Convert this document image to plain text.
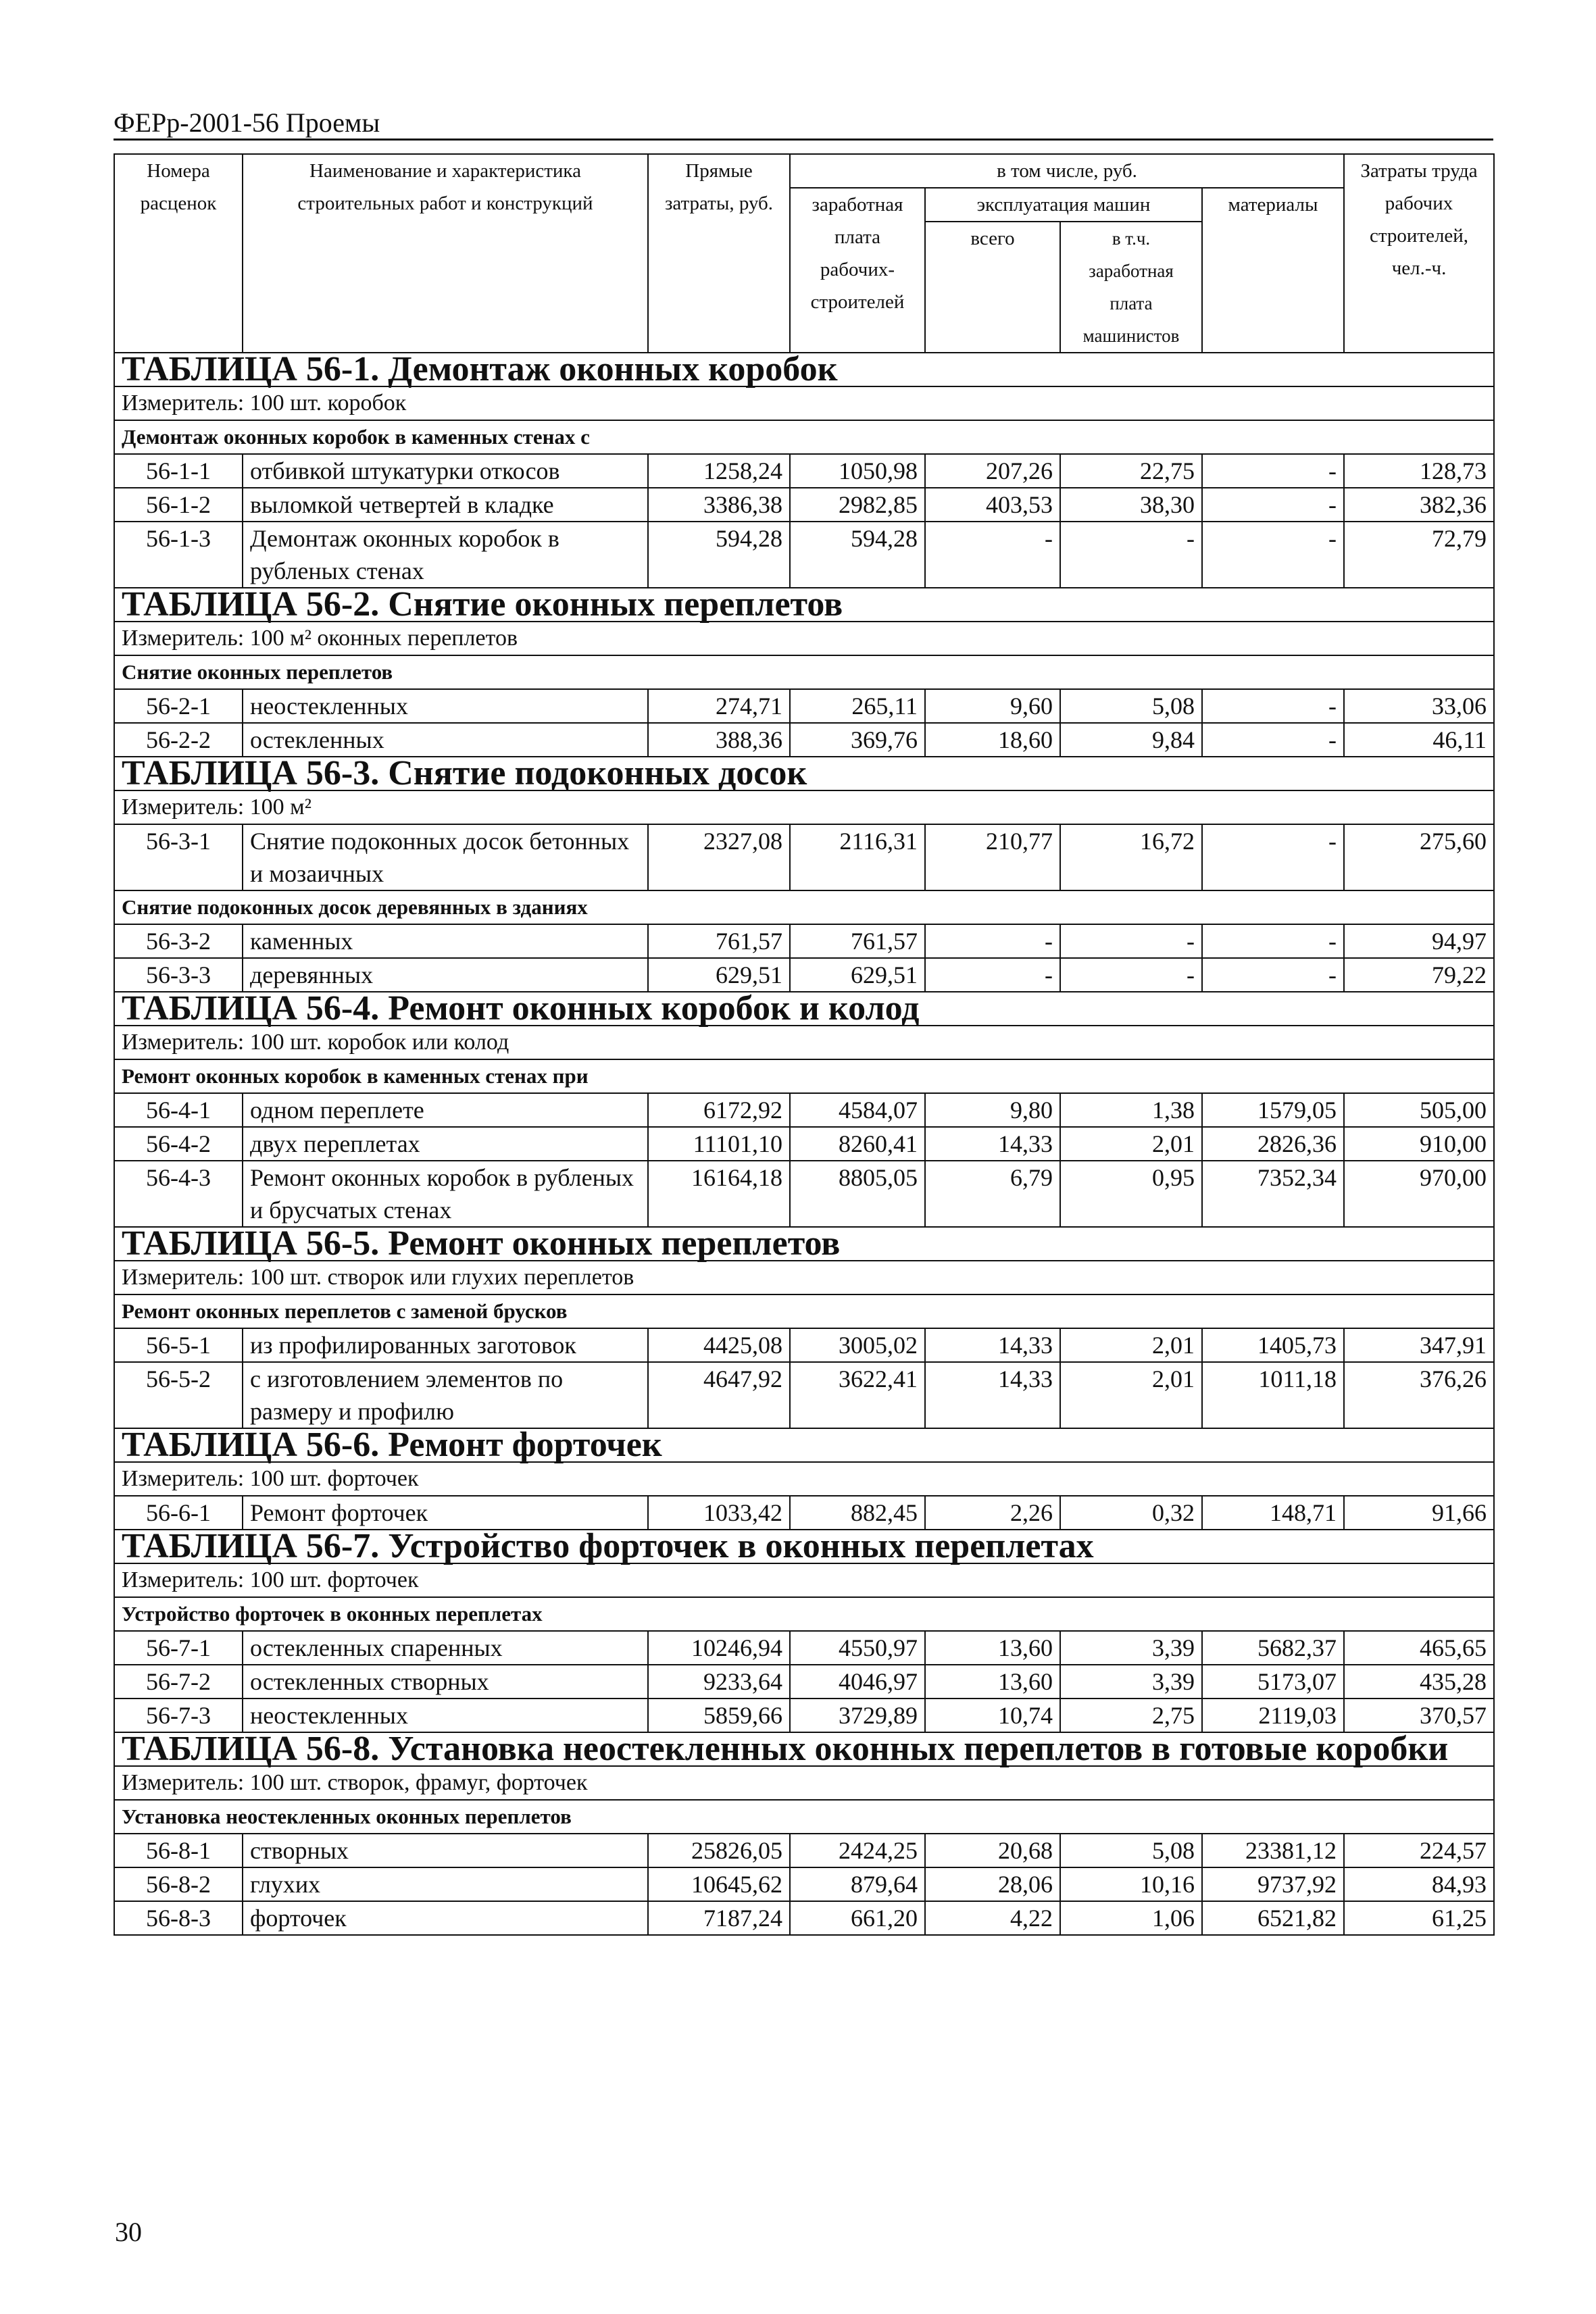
ФЕРр-2001-56 Проемы
Номера расценок	Наименование и характеристика строительных работ и конструкций	Прямые затраты, руб.	в том числе, руб.				Затраты труда рабочих строителей, чел.-ч.
			заработная плата рабочих-строителей	эксплуатация машин		материалы	
				всего	в т.ч. заработная плата машинистов		
ТАБЛИЦА 56-1. Демонтаж оконных коробок							
Измеритель: 100 шт. коробок							
Демонтаж оконных коробок в каменных стенах с							
56-1-1	отбивкой штукатурки откосов	1258,24	1050,98	207,26	22,75	-	128,73
56-1-2	выломкой четвертей в кладке	3386,38	2982,85	403,53	38,30	-	382,36
56-1-3	Демонтаж оконных коробок в рубленых стенах	594,28	594,28	-	-	-	72,79
ТАБЛИЦА 56-2. Снятие оконных переплетов							
Измеритель: 100 м² оконных переплетов							
Снятие оконных переплетов							
56-2-1	неостекленных	274,71	265,11	9,60	5,08	-	33,06
56-2-2	остекленных	388,36	369,76	18,60	9,84	-	46,11
ТАБЛИЦА 56-3. Снятие подоконных досок							
Измеритель: 100 м²							
56-3-1	Снятие подоконных досок бетонных и мозаичных	2327,08	2116,31	210,77	16,72	-	275,60
Снятие подоконных досок деревянных в зданиях							
56-3-2	каменных	761,57	761,57	-	-	-	94,97
56-3-3	деревянных	629,51	629,51	-	-	-	79,22
ТАБЛИЦА 56-4. Ремонт оконных коробок и колод							
Измеритель: 100 шт. коробок или колод							
Ремонт оконных коробок в каменных стенах при							
56-4-1	одном переплете	6172,92	4584,07	9,80	1,38	1579,05	505,00
56-4-2	двух переплетах	11101,10	8260,41	14,33	2,01	2826,36	910,00
56-4-3	Ремонт оконных коробок в рубленых и брусчатых стенах	16164,18	8805,05	6,79	0,95	7352,34	970,00
ТАБЛИЦА 56-5. Ремонт оконных переплетов							
Измеритель: 100 шт. створок или глухих переплетов							
Ремонт оконных переплетов с заменой брусков							
56-5-1	из профилированных заготовок	4425,08	3005,02	14,33	2,01	1405,73	347,91
56-5-2	с изготовлением элементов по размеру и профилю	4647,92	3622,41	14,33	2,01	1011,18	376,26
ТАБЛИЦА 56-6. Ремонт форточек							
Измеритель: 100 шт. форточек							
56-6-1	Ремонт форточек	1033,42	882,45	2,26	0,32	148,71	91,66
ТАБЛИЦА 56-7. Устройство форточек в оконных переплетах							
Измеритель: 100 шт. форточек							
Устройство форточек в оконных переплетах							
56-7-1	остекленных спаренных	10246,94	4550,97	13,60	3,39	5682,37	465,65
56-7-2	остекленных створных	9233,64	4046,97	13,60	3,39	5173,07	435,28
56-7-3	неостекленных	5859,66	3729,89	10,74	2,75	2119,03	370,57
ТАБЛИЦА 56-8. Установка неостекленных оконных переплетов в готовые коробки							
Измеритель: 100 шт. створок, фрамуг, форточек							
Установка неостекленных оконных переплетов							
56-8-1	створных	25826,05	2424,25	20,68	5,08	23381,12	224,57
56-8-2	глухих	10645,62	879,64	28,06	10,16	9737,92	84,93
56-8-3	форточек	7187,24	661,20	4,22	1,06	6521,82	61,25
30
